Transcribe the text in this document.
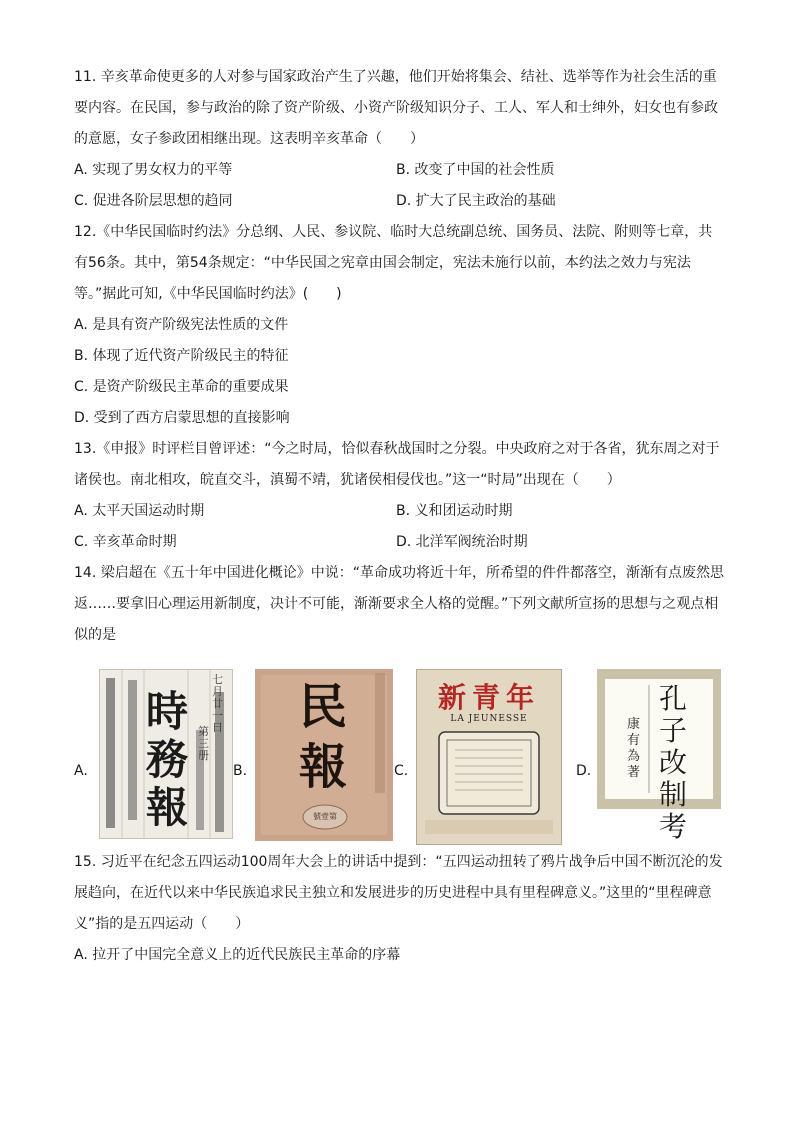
11. 辛亥革命使更多的人对参与国家政治产生了兴趣，他们开始将集会、结社、选举等作为社会生活的重要内容。在民国，参与政治的除了资产阶级、小资产阶级知识分子、工人、军人和士绅外，妇女也有参政的意愿，女子参政团相继出现。这表明辛亥革命（　　）

A. 实现了男女权力的平等	B. 改变了中国的社会性质
C. 促进各阶层思想的趋同	D. 扩大了民主政治的基础

12.《中华民国临时约法》分总纲、人民、参议院、临时大总统副总统、国务员、法院、附则等七章，共有56条。其中，第54条规定：“中华民国之宪章由国会制定，宪法未施行以前，本约法之效力与宪法等。”据此可知,《中华民国临时约法》(　　)

A. 是具有资产阶级宪法性质的文件
B. 体现了近代资产阶级民主的特征
C. 是资产阶级民主革命的重要成果
D. 受到了西方启蒙思想的直接影响

13.《申报》时评栏目曾评述：“今之时局，恰似春秋战国时之分裂。中央政府之对于各省，犹东周之对于诸侯也。南北相攻，皖直交斗，滇蜀不靖，犹诸侯相侵伐也。”这一“时局”出现在（　　）

A. 太平天国运动时期	B. 义和团运动时期
C. 辛亥革命时期	D. 北洋军阀统治时期

14. 梁启超在《五十年中国进化概论》中说：“革命成功将近十年，所希望的件件都落空，渐渐有点废然思返……要拿旧心理运用新制度，决计不可能，渐渐要求全人格的觉醒。”下列文献所宣扬的思想与之观点相似的是

A.
時務報
七月廿一日
第三册
B.
民報
號壹第
C.
新青年
LA JEUNESSE
D.
孔子改制考
康有為著

15. 习近平在纪念五四运动100周年大会上的讲话中提到：“五四运动扭转了鸦片战争后中国不断沉沦的发展趋向，在近代以来中华民族追求民主独立和发展进步的历史进程中具有里程碑意义。”这里的“里程碑意义”指的是五四运动（　　）

A. 拉开了中国完全意义上的近代民族民主革命的序幕
